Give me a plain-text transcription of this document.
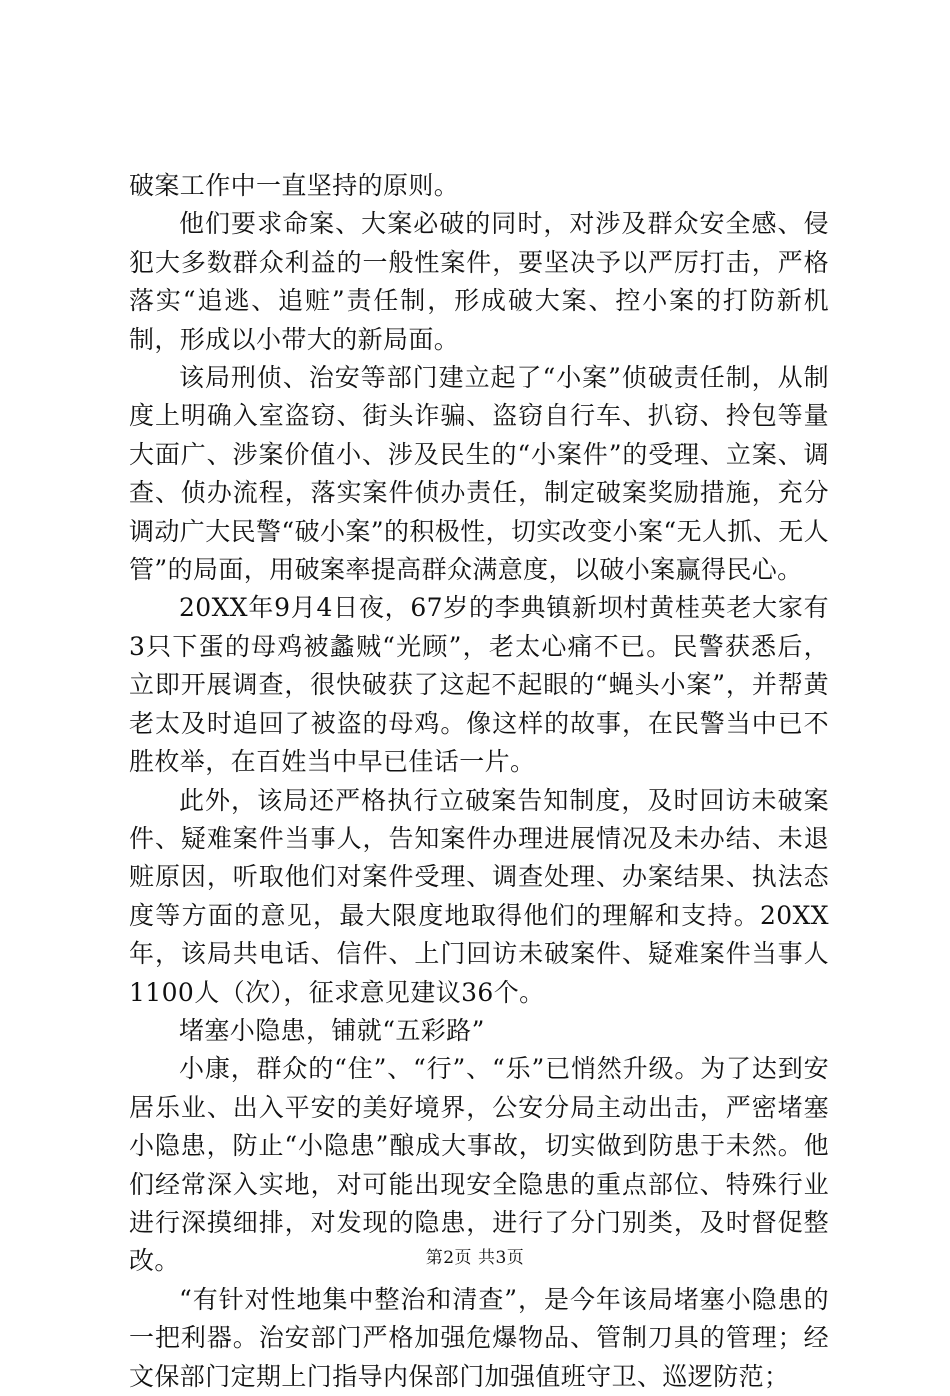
破案工作中一直坚持的原则。

他们要求命案、大案必破的同时，对涉及群众安全感、侵犯大多数群众利益的一般性案件，要坚决予以严厉打击，严格落实“追逃、追赃”责任制，形成破大案、控小案的打防新机制，形成以小带大的新局面。

该局刑侦、治安等部门建立起了“小案”侦破责任制，从制度上明确入室盗窃、街头诈骗、盗窃自行车、扒窃、拎包等量大面广、涉案价值小、涉及民生的“小案件”的受理、立案、调查、侦办流程，落实案件侦办责任，制定破案奖励措施，充分调动广大民警“破小案”的积极性，切实改变小案“无人抓、无人管”的局面，用破案率提高群众满意度，以破小案赢得民心。

20XX年9月4日夜，67岁的李典镇新坝村黄桂英老大家有3只下蛋的母鸡被蠡贼“光顾”，老太心痛不已。民警获悉后，立即开展调查，很快破获了这起不起眼的“蝇头小案”，并帮黄老太及时追回了被盗的母鸡。像这样的故事，在民警当中已不胜枚举，在百姓当中早已佳话一片。

此外，该局还严格执行立破案告知制度，及时回访未破案件、疑难案件当事人，告知案件办理进展情况及未办结、未退赃原因，听取他们对案件受理、调查处理、办案结果、执法态度等方面的意见，最大限度地取得他们的理解和支持。20XX年，该局共电话、信件、上门回访未破案件、疑难案件当事人1100人（次），征求意见建议36个。

堵塞小隐患，铺就“五彩路”

小康，群众的“住”、“行”、“乐”已悄然升级。为了达到安居乐业、出入平安的美好境界，公安分局主动出击，严密堵塞小隐患，防止“小隐患”酿成大事故，切实做到防患于未然。他们经常深入实地，对可能出现安全隐患的重点部位、特殊行业进行深摸细排，对发现的隐患，进行了分门别类，及时督促整改。

“有针对性地集中整治和清查”，是今年该局堵塞小隐患的一把利器。治安部门严格加强危爆物品、管制刀具的管理；经文保部门定期上门指导内保部门加强值班守卫、巡逻防范；

第2页 共3页
